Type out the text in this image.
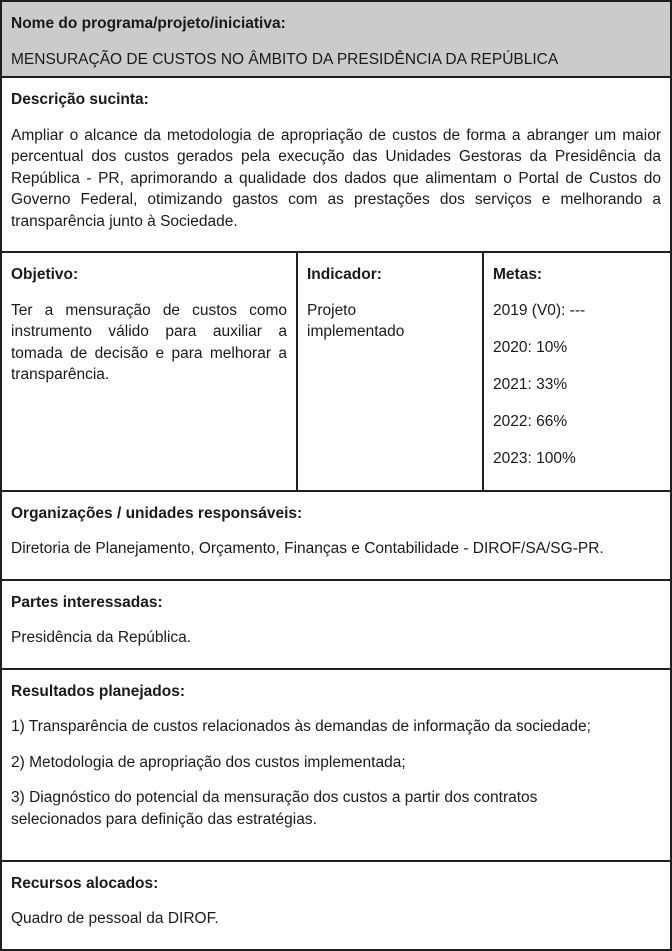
Nome do programa/projeto/iniciativa:

MENSURAÇÃO DE CUSTOS NO ÂMBITO DA PRESIDÊNCIA DA REPÚBLICA

Descrição sucinta:

Ampliar o alcance da metodologia de apropriação de custos de forma a abranger um maior percentual dos custos gerados pela execução das Unidades Gestoras da Presidência da República - PR, aprimorando a qualidade dos dados que alimentam o Portal de Custos do Governo Federal, otimizando gastos com as prestações dos serviços e melhorando a transparência junto à Sociedade.

Objetivo:

Ter a mensuração de custos como instrumento válido para auxiliar a tomada de decisão e para melhorar a transparência.

Indicador:

Projeto implementado

Metas:

2019 (V0): ---

2020: 10%

2021: 33%

2022: 66%

2023: 100%

Organizações / unidades responsáveis:

Diretoria de Planejamento, Orçamento, Finanças e Contabilidade - DIROF/SA/SG-PR.

Partes interessadas:

Presidência da República.

Resultados planejados:

1) Transparência de custos relacionados às demandas de informação da sociedade;

2) Metodologia de apropriação dos custos implementada;

3) Diagnóstico do potencial da mensuração dos custos a partir dos contratos selecionados para definição das estratégias.

Recursos alocados:

Quadro de pessoal da DIROF.
